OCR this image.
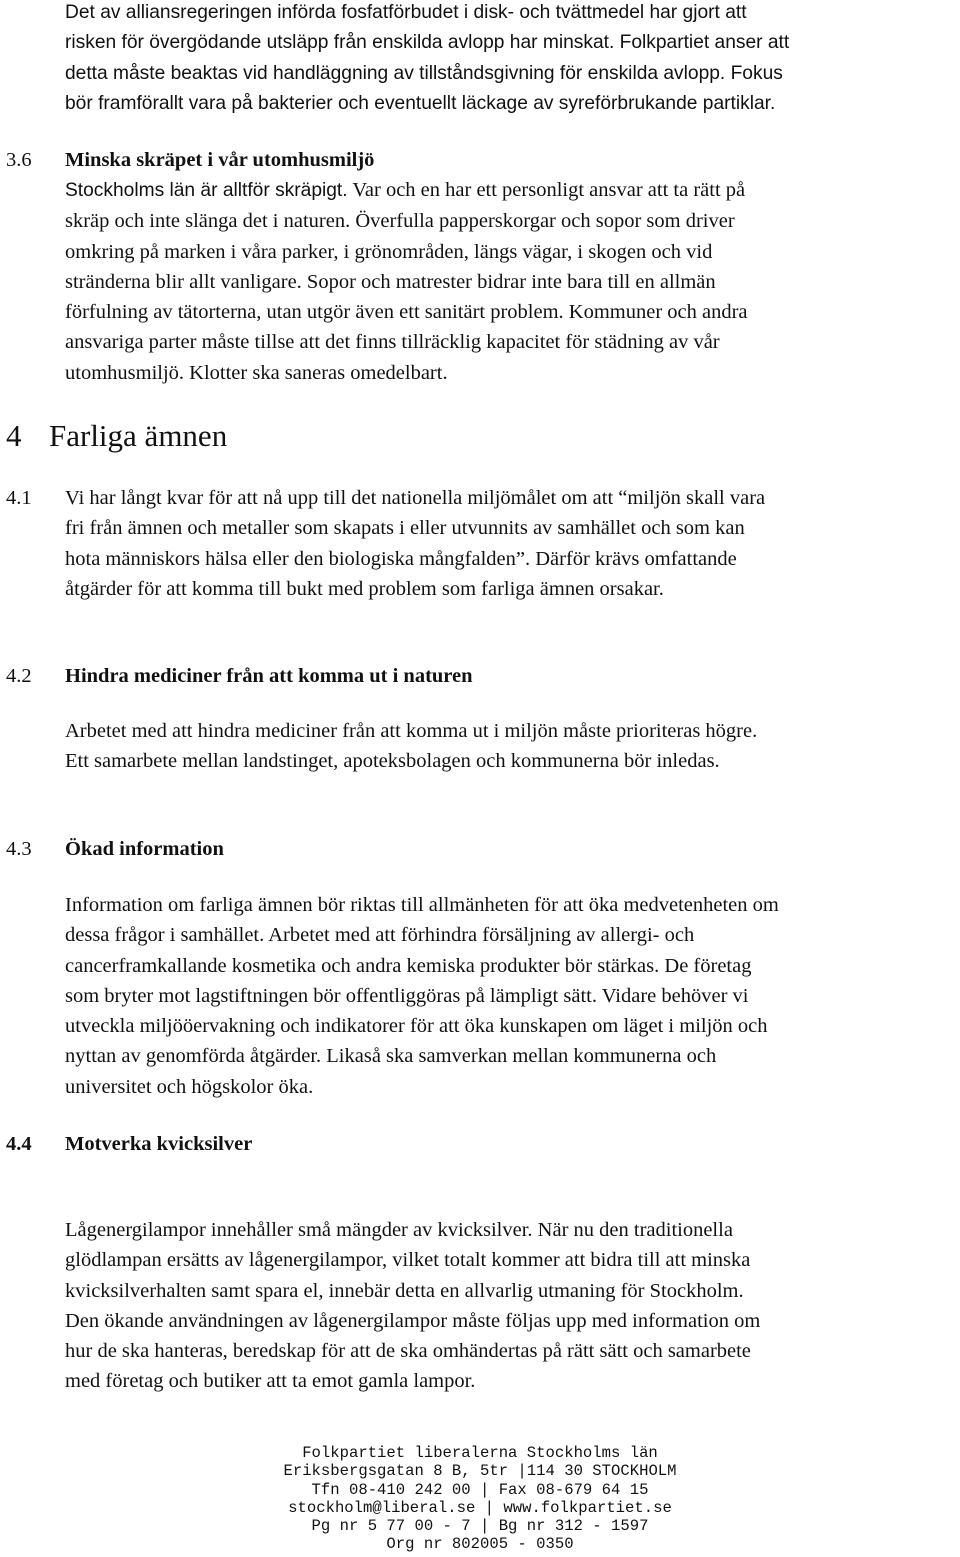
Det av alliansregeringen införda fosfatförbudet i disk- och tvättmedel har gjort att
risken för övergödande utsläpp från enskilda avlopp har minskat. Folkpartiet anser att
detta måste beaktas vid handläggning av tillståndsgivning för enskilda avlopp. Fokus
bör framförallt vara på bakterier och eventuellt läckage av syreförbrukande partiklar.
3.6 Minska skräpet i vår utomhusmiljö
Stockholms län är alltför skräpigt. Var och en har ett personligt ansvar att ta rätt på
skräp och inte slänga det i naturen. Överfulla papperskorgar och sopor som driver
omkring på marken i våra parker, i grönområden, längs vägar, i skogen och vid
stränderna blir allt vanligare. Sopor och matrester bidrar inte bara till en allmän
förfulning av tätorterna, utan utgör även ett sanitärt problem. Kommuner och andra
ansvariga parter måste tillse att det finns tillräcklig kapacitet för städning av vår
utomhusmiljö. Klotter ska saneras omedelbart.
4 Farliga ämnen
4.1 Vi har långt kvar för att nå upp till det nationella miljömålet om att “miljön skall vara
fri från ämnen och metaller som skapats i eller utvunnits av samhället och som kan
hota människors hälsa eller den biologiska mångfalden”. Därför krävs omfattande
åtgärder för att komma till bukt med problem som farliga ämnen orsakar.
4.2 Hindra mediciner från att komma ut i naturen
Arbetet med att hindra mediciner från att komma ut i miljön måste prioriteras högre.
Ett samarbete mellan landstinget, apoteksbolagen och kommunerna bör inledas.
4.3 Ökad information
Information om farliga ämnen bör riktas till allmänheten för att öka medvetenheten om
dessa frågor i samhället. Arbetet med att förhindra försäljning av allergi- och
cancerframkallande kosmetika och andra kemiska produkter bör stärkas. De företag
som bryter mot lagstiftningen bör offentliggöras på lämpligt sätt. Vidare behöver vi
utveckla miljööervakning och indikatorer för att öka kunskapen om läget i miljön och
nyttan av genomförda åtgärder. Likaså ska samverkan mellan kommunerna och
universitet och högskolor öka.
4.4 Motverka kvicksilver
Lågenergilampor innehåller små mängder av kvicksilver. När nu den traditionella
glödlampan ersätts av lågenergilampor, vilket totalt kommer att bidra till att minska
kvicksilverhalten samt spara el, innebär detta en allvarlig utmaning för Stockholm.
Den ökande användningen av lågenergilampor måste följas upp med information om
hur de ska hanteras, beredskap för att de ska omhändertas på rätt sätt och samarbete
med företag och butiker att ta emot gamla lampor.
Folkpartiet liberalerna Stockholms län
Eriksbergsgatan 8 B, 5tr |114 30 STOCKHOLM
Tfn 08-410 242 00 | Fax 08-679 64 15
stockholm@liberal.se | www.folkpartiet.se
Pg nr 5 77 00 - 7 | Bg nr 312 - 1597
Org nr 802005 - 0350
